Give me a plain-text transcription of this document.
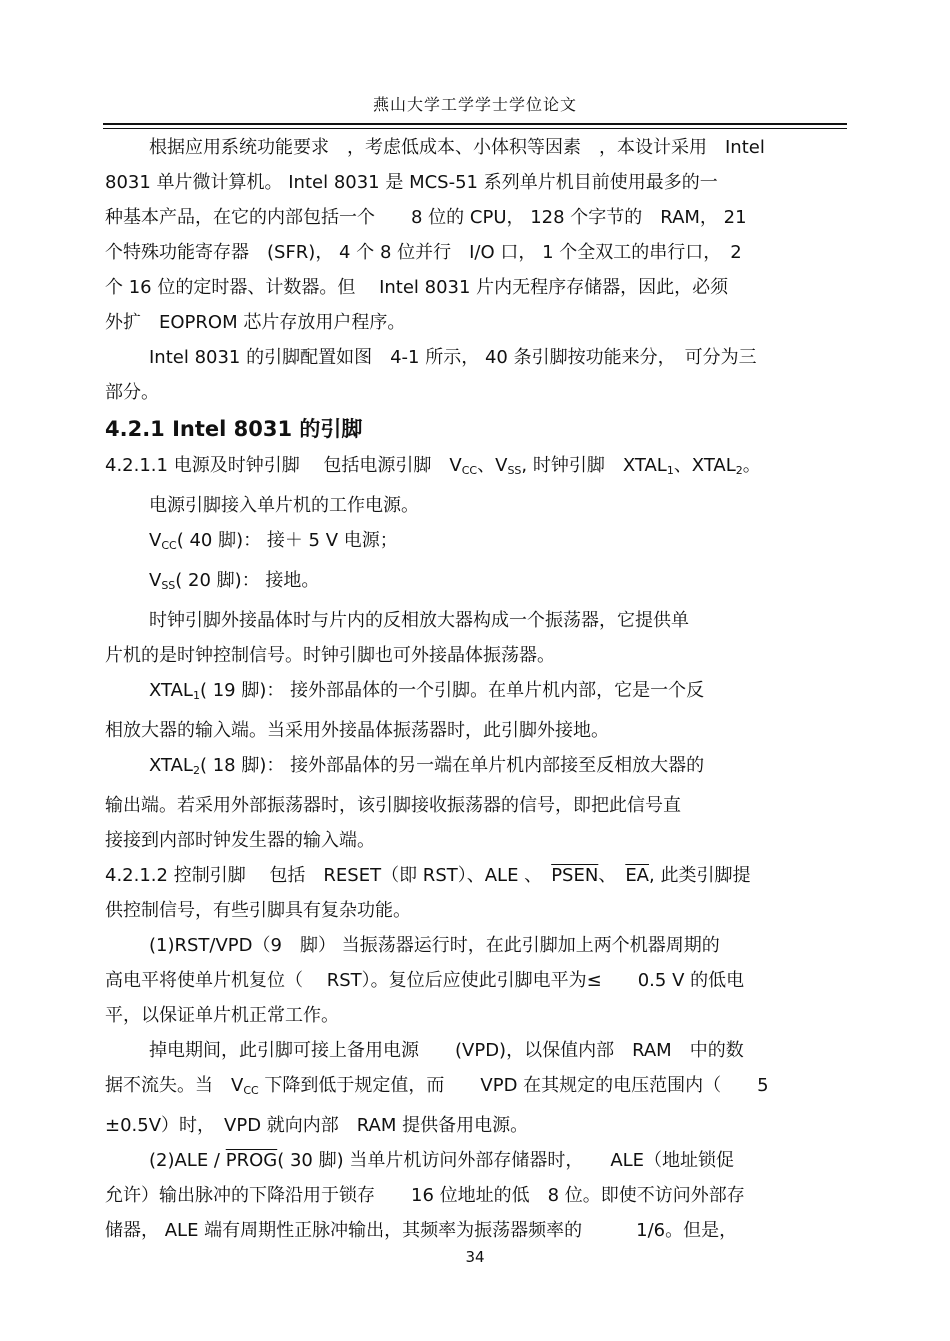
燕山大学工学学士学位论文
根据应用系统功能要求　，考虑低成本、小体积等因素　，本设计采用　Intel
8031 单片微计算机。 Intel 8031 是 MCS-51 系列单片机目前使用最多的一
种基本产品，在它的内部包括一个　　8 位的 CPU， 128 个字节的　RAM， 21
个特殊功能寄存器　(SFR)， 4 个 8 位并行　I/O 口， 1 个全双工的串行口，　2
个 16 位的定时器、计数器。但　 Intel 8031 片内无程序存储器，因此，必须
外扩　EOPROM 芯片存放用户程序。
Intel 8031 的引脚配置如图　4-1 所示， 40 条引脚按功能来分，　可分为三
部分。
4.2.1 Intel 8031 的引脚
4.2.1.1 电源及时钟引脚　 包括电源引脚　$V_{CC}$、$V_{SS}$, 时钟引脚　$XTAL_1$、$XTAL_2$。
电源引脚接入单片机的工作电源。
$V_{CC}$( 40 脚)： 接＋ 5 V 电源；
$V_{SS}$( 20 脚)： 接地。
时钟引脚外接晶体时与片内的反相放大器构成一个振荡器，它提供单
片机的是时钟控制信号。时钟引脚也可外接晶体振荡器。
$XTAL_1$( 19 脚)： 接外部晶体的一个引脚。在单片机内部，它是一个反
相放大器的输入端。当采用外接晶体振荡器时，此引脚外接地。
$XTAL_2$( 18 脚)： 接外部晶体的另一端在单片机内部接至反相放大器的
输出端。若采用外部振荡器时，该引脚接收振荡器的信号，即把此信号直
接接到内部时钟发生器的输入端。
4.2.1.2 控制引脚　 包括　RESET（即 RST）、ALE 、　PSEN、　$\overline{EA}$, 此类引脚提
供控制信号，有些引脚具有复杂功能。
(1)RST/VPD（9　脚） 当振荡器运行时，在此引脚加上两个机器周期的
高电平将使单片机复位（　 RST）。复位后应使此引脚电平为≤　　0.5 V 的低电
平，以保证单片机正常工作。
掉电期间，此引脚可接上备用电源　　(VPD)，以保值内部　RAM　中的数
据不流失。当　$V_{CC}$ 下降到低于规定值，而　　VPD 在其规定的电压范围内（　　5
±0.5V）时，　VPD 就向内部　RAM 提供备用电源。
(2)ALE / PROG( 30 脚) 当单片机访问外部存储器时，　　ALE（地址锁促
允许）输出脉冲的下降沿用于锁存　　16 位地址的低　8 位。即使不访问外部存
储器， ALE 端有周期性正脉冲输出，其频率为振荡器频率的　　　1/6。但是，
34
